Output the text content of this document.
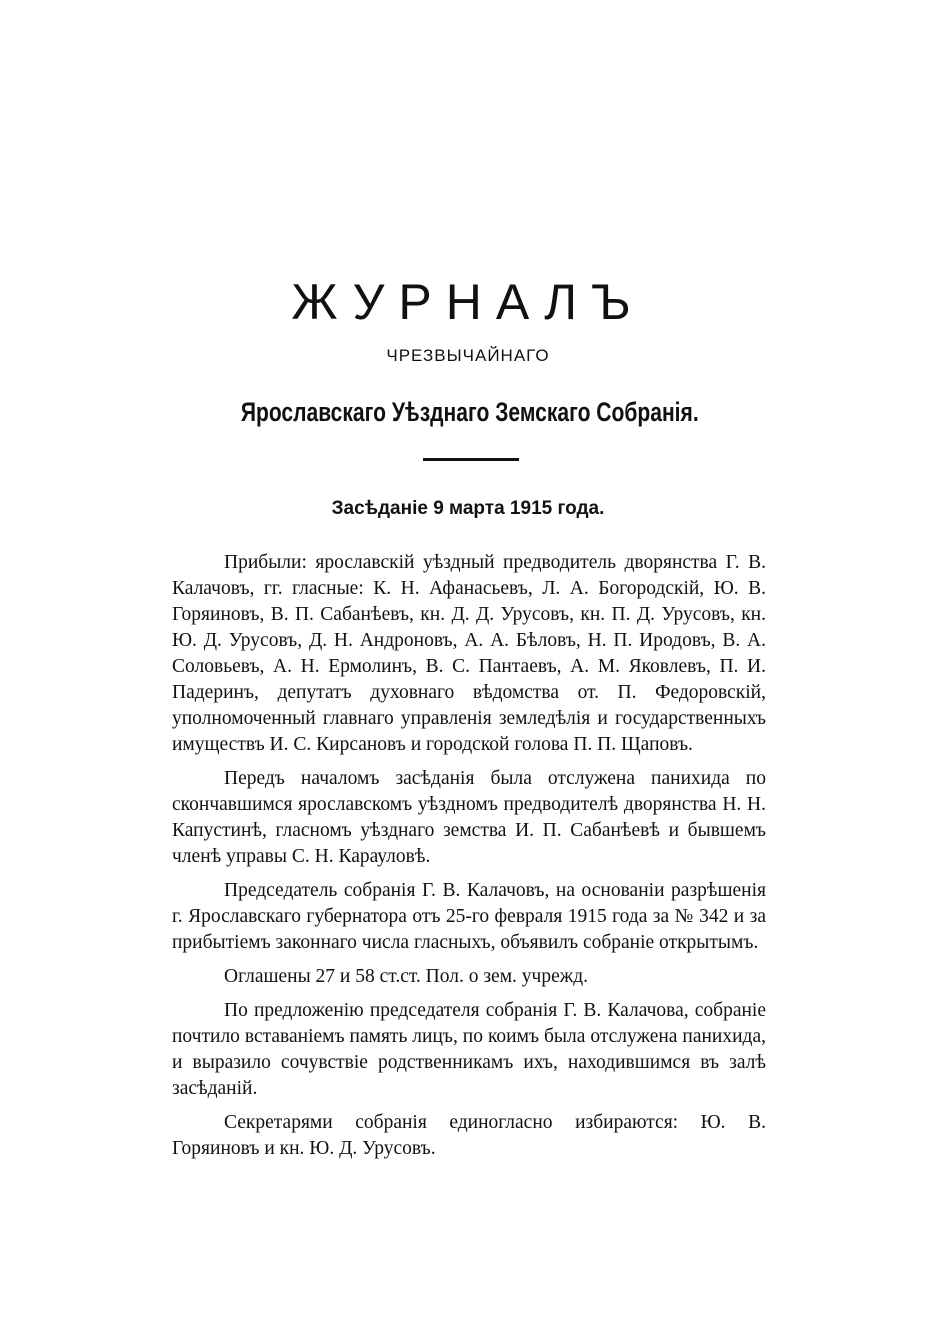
ЖУРНАЛЪ
ЧРЕЗВЫЧАЙНАГО
Ярославскаго Уѣзднаго Земскаго Собранія.
Засѣданіе 9 марта 1915 года.

Прибыли: ярославскій уѣздный предводитель дворянства Г. В. Калачовъ, гг. гласные: К. Н. Афанасьевъ, Л. А. Богородскій, Ю. В. Горяиновъ, В. П. Сабанѣевъ, кн. Д. Д. Урусовъ, кн. П. Д. Урусовъ, кн. Ю. Д. Урусовъ, Д. Н. Андроновъ, А. А. Бѣловъ, Н. П. Иродовъ, В. А. Соловьевъ, А. Н. Ермолинъ, В. С. Пантаевъ, А. М. Яковлевъ, П. И. Падеринъ, депутатъ духовнаго вѣдомства от. П. Федоровскій, уполномоченный главнаго управленія земледѣлія и государственныхъ имуществъ И. С. Кирсановъ и городской голова П. П. Щаповъ.

Передъ началомъ засѣданія была отслужена панихида по скончавшимся ярославскомъ уѣздномъ предводителѣ дворянства Н. Н. Капустинѣ, гласномъ уѣзднаго земства И. П. Сабанѣевѣ и бывшемъ членѣ управы С. Н. Карауловѣ.

Председатель собранія Г. В. Калачовъ, на основаніи разрѣшенія г. Ярославскаго губернатора отъ 25-го февраля 1915 года за № 342 и за прибытіемъ законнаго числа гласныхъ, объявилъ собраніе открытымъ.

Оглашены 27 и 58 ст.ст. Пол. о зем. учрежд.

По предложенію председателя собранія Г. В. Калачова, собраніе почтило вставаніемъ память лицъ, по коимъ была отслужена панихида, и выразило сочувствіе родственникамъ ихъ, находившимся въ залѣ засѣданій.

Секретарями собранія единогласно избираются: Ю. В. Горяиновъ и кн. Ю. Д. Урусовъ.
